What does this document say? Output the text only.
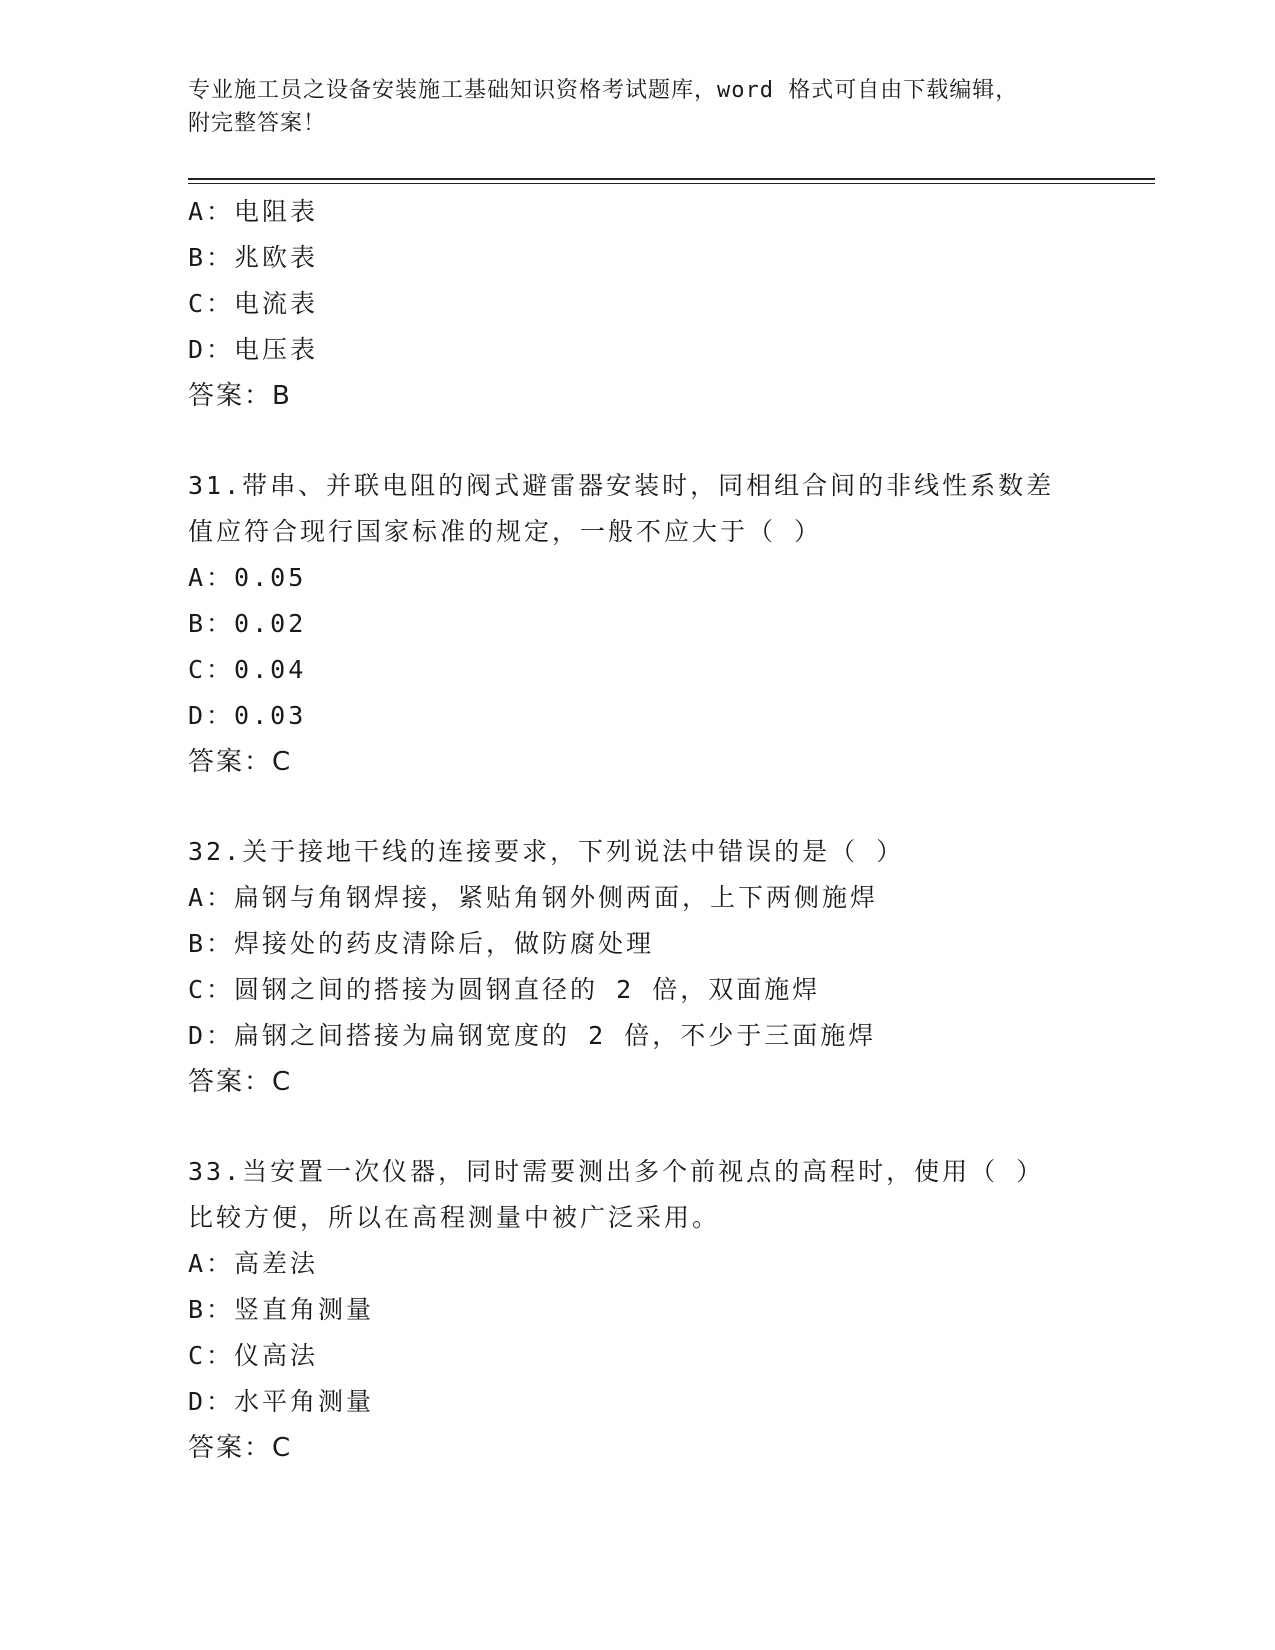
专业施工员之设备安装施工基础知识资格考试题库，word 格式可自由下载编辑，
附完整答案！
A：电阻表
B：兆欧表
C：电流表
D：电压表
答案：B
31.带串、并联电阻的阀式避雷器安装时，同相组合间的非线性系数差
值应符合现行国家标准的规定，一般不应大于（ ）
A：0.05
B：0.02
C：0.04
D：0.03
答案：C
32.关于接地干线的连接要求，下列说法中错误的是（ ）
A：扁钢与角钢焊接，紧贴角钢外侧两面，上下两侧施焊
B：焊接处的药皮清除后，做防腐处理
C：圆钢之间的搭接为圆钢直径的 2 倍，双面施焊
D：扁钢之间搭接为扁钢宽度的 2 倍，不少于三面施焊
答案：C
33.当安置一次仪器，同时需要测出多个前视点的高程时，使用（ ）
比较方便，所以在高程测量中被广泛采用。
A：高差法
B：竖直角测量
C：仪高法
D：水平角测量
答案：C
